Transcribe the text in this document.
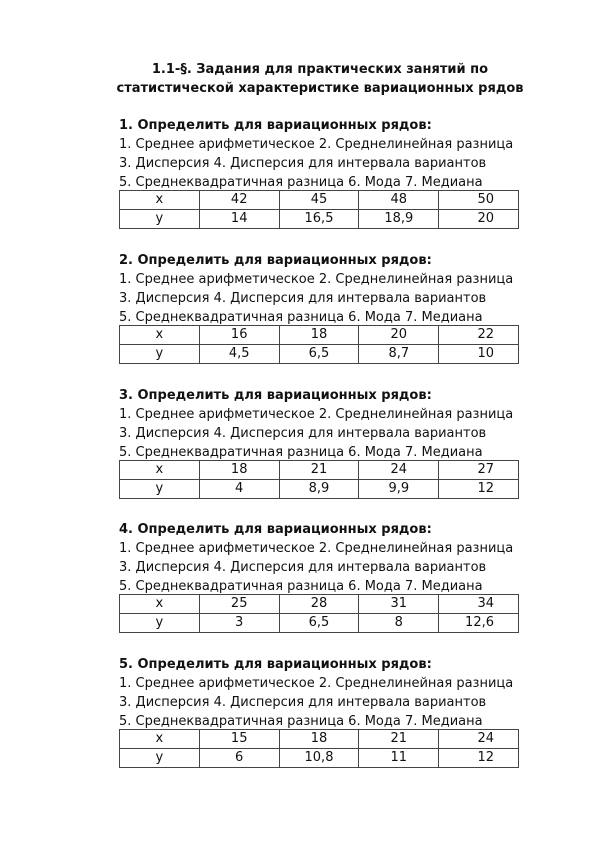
1.1-§. Задания для практических занятий по
статистической характеристике вариационных рядов
1. Определить для вариационных рядов:
1. Среднее арифметическое 2. Среднелинейная разница
3. Дисперсия 4. Дисперсия для интервала вариантов
5. Среднеквадратичная разница 6. Мода 7. Медиана
x	42	45	48	50
y	14	16,5	18,9	20
2. Определить для вариационных рядов:
1. Среднее арифметическое 2. Среднелинейная разница
3. Дисперсия 4. Дисперсия для интервала вариантов
5. Среднеквадратичная разница 6. Мода 7. Медиана
x	16	18	20	22
y	4,5	6,5	8,7	10
3. Определить для вариационных рядов:
1. Среднее арифметическое 2. Среднелинейная разница
3. Дисперсия 4. Дисперсия для интервала вариантов
5. Среднеквадратичная разница 6. Мода 7. Медиана
x	18	21	24	27
y	4	8,9	9,9	12
4. Определить для вариационных рядов:
1. Среднее арифметическое 2. Среднелинейная разница
3. Дисперсия 4. Дисперсия для интервала вариантов
5. Среднеквадратичная разница 6. Мода 7. Медиана
x	25	28	31	34
y	3	6,5	8	12,6
5. Определить для вариационных рядов:
1. Среднее арифметическое 2. Среднелинейная разница
3. Дисперсия 4. Дисперсия для интервала вариантов
5. Среднеквадратичная разница 6. Мода 7. Медиана
x	15	18	21	24
y	6	10,8	11	12
